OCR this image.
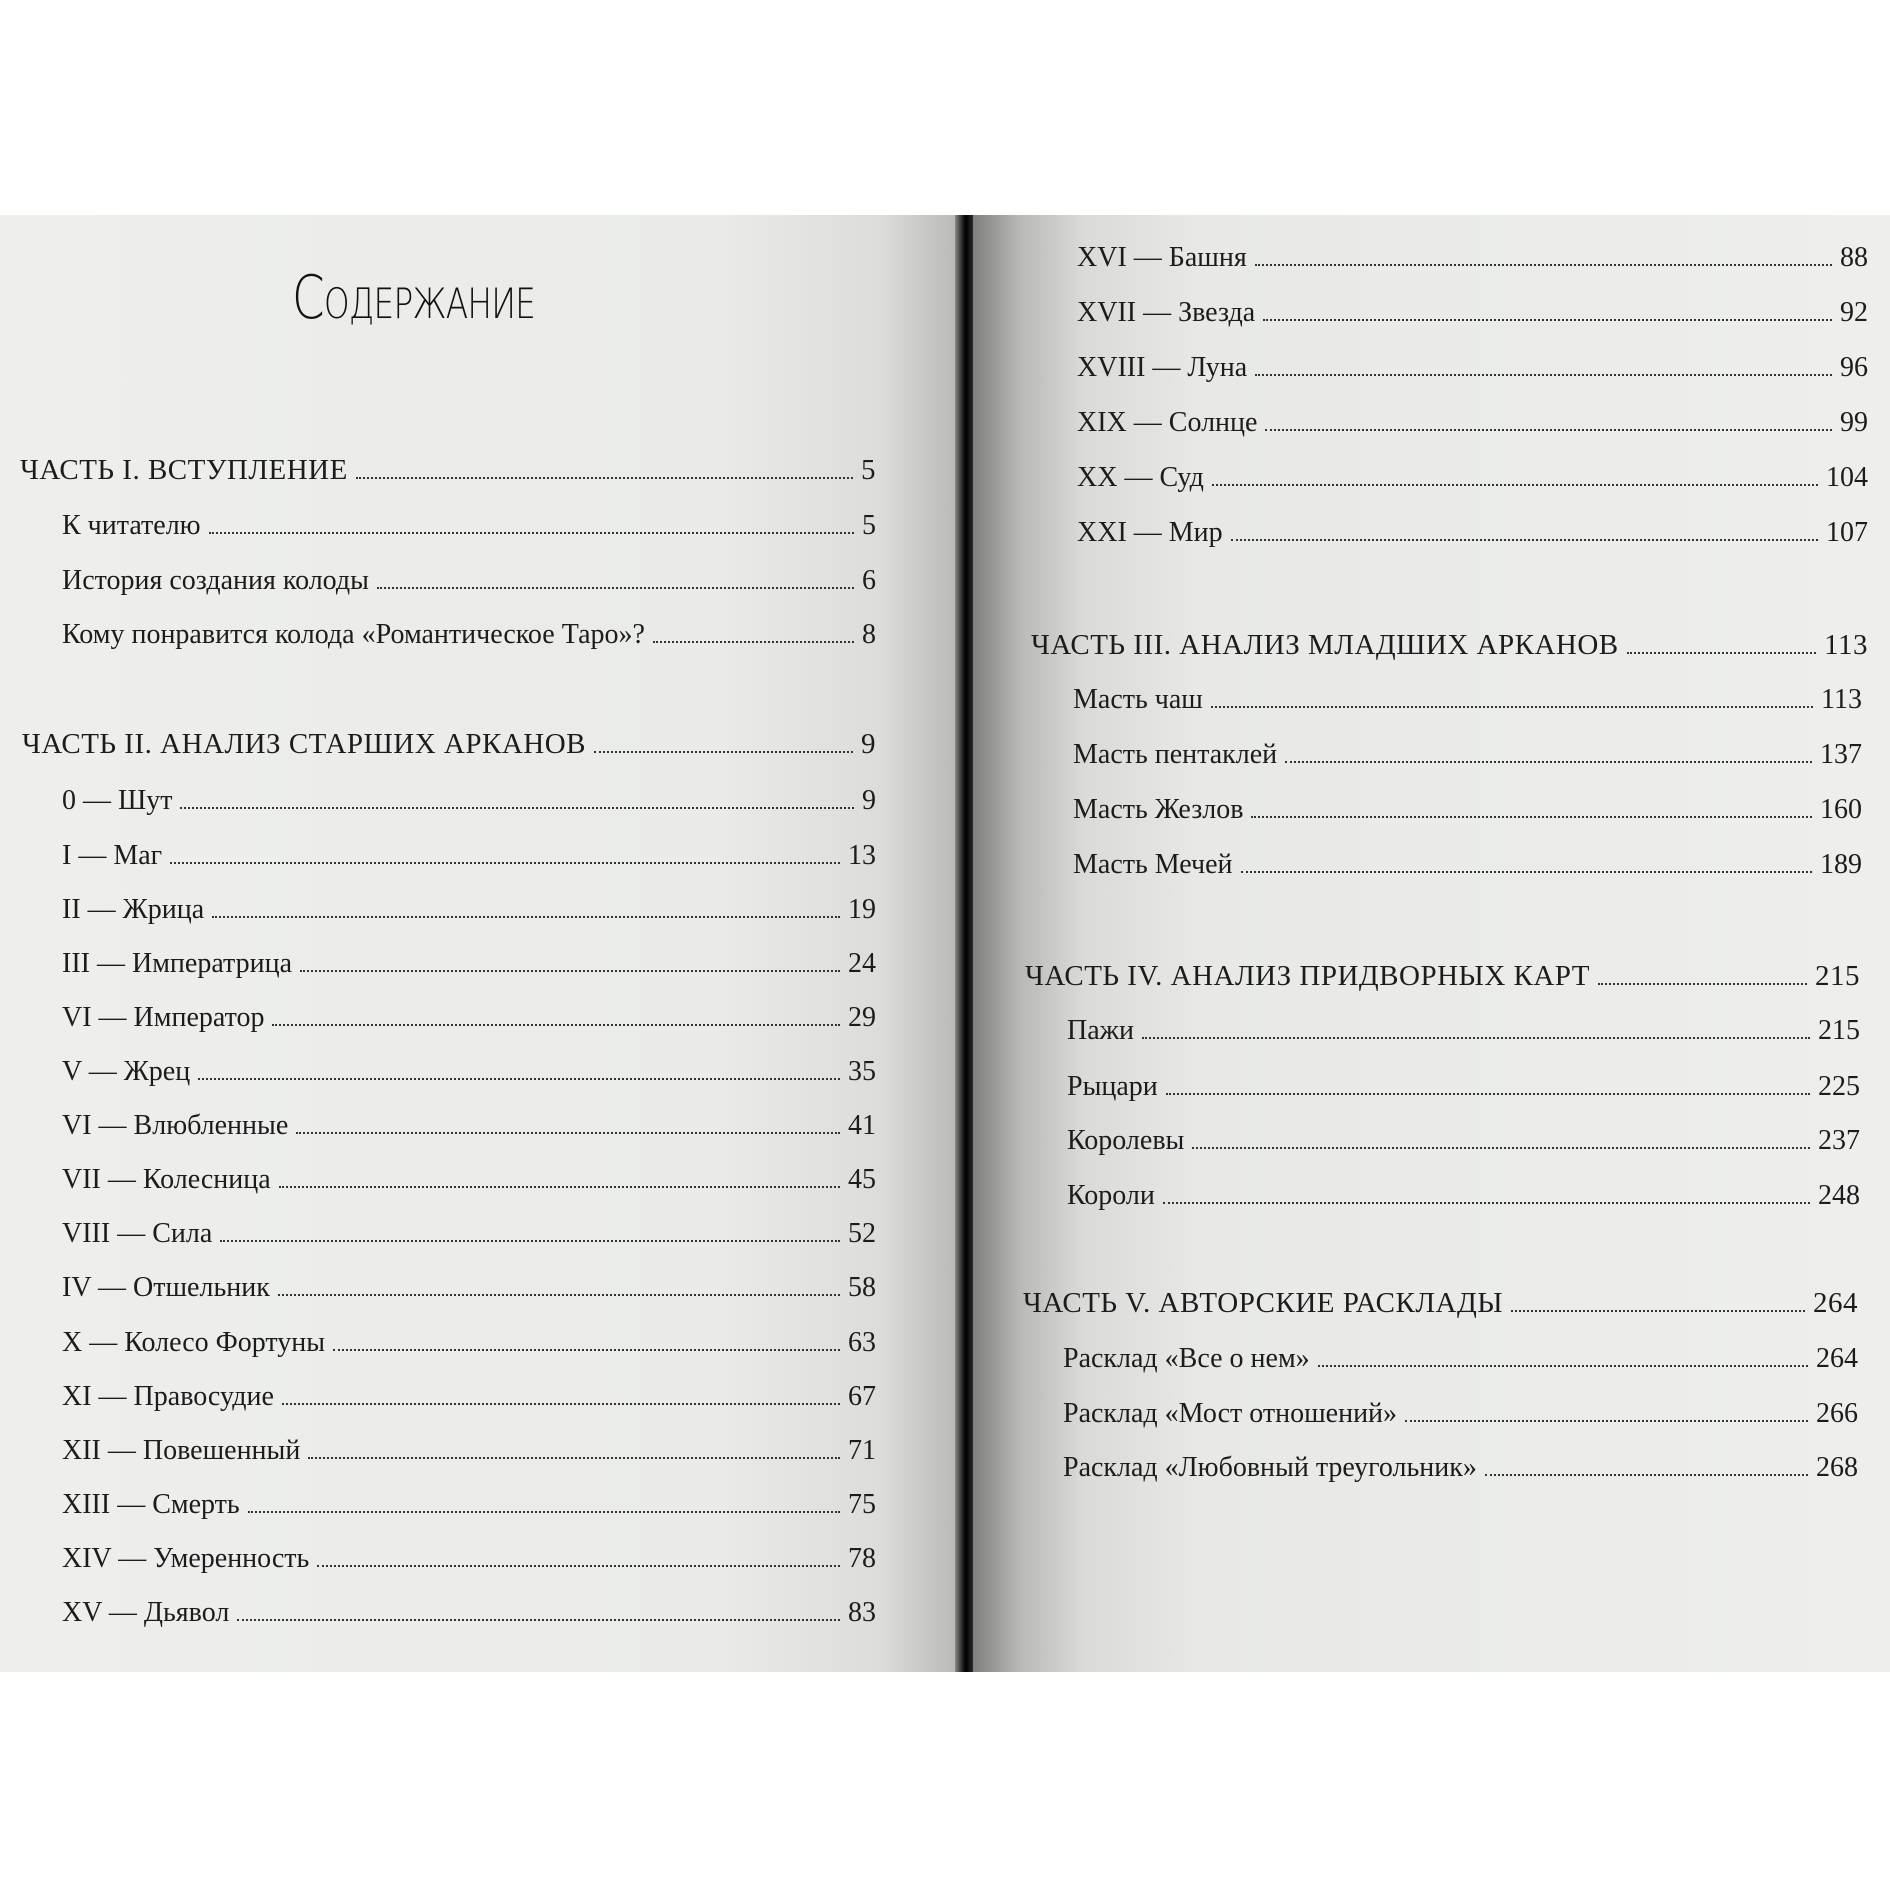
Содержание
ЧАСТЬ I. ВСТУПЛЕНИЕ	5
К читателю	5
История создания колоды	6
Кому понравится колода «Романтическое Таро»?	8
ЧАСТЬ II. АНАЛИЗ СТАРШИХ АРКАНОВ	9
0 — Шут	9
I — Маг	13
II — Жрица	19
III — Императрица	24
VI — Император	29
V — Жрец	35
VI — Влюбленные	41
VII — Колесница	45
VIII — Сила	52
IV — Отшельник	58
X — Колесо Фортуны	63
XI — Правосудие	67
XII — Повешенный	71
XIII — Смерть	75
XIV — Умеренность	78
XV — Дьявол	83
XVI — Башня	88
XVII — Звезда	92
XVIII — Луна	96
XIX — Солнце	99
XX — Суд	104
XXI — Мир	107
ЧАСТЬ III. АНАЛИЗ МЛАДШИХ АРКАНОВ	113
Масть чаш	113
Масть пентаклей	137
Масть Жезлов	160
Масть Мечей	189
ЧАСТЬ IV. АНАЛИЗ ПРИДВОРНЫХ КАРТ	215
Пажи	215
Рыцари	225
Королевы	237
Короли	248
ЧАСТЬ V. АВТОРСКИЕ РАСКЛАДЫ	264
Расклад «Все о нем»	264
Расклад «Мост отношений»	266
Расклад «Любовный треугольник»	268
